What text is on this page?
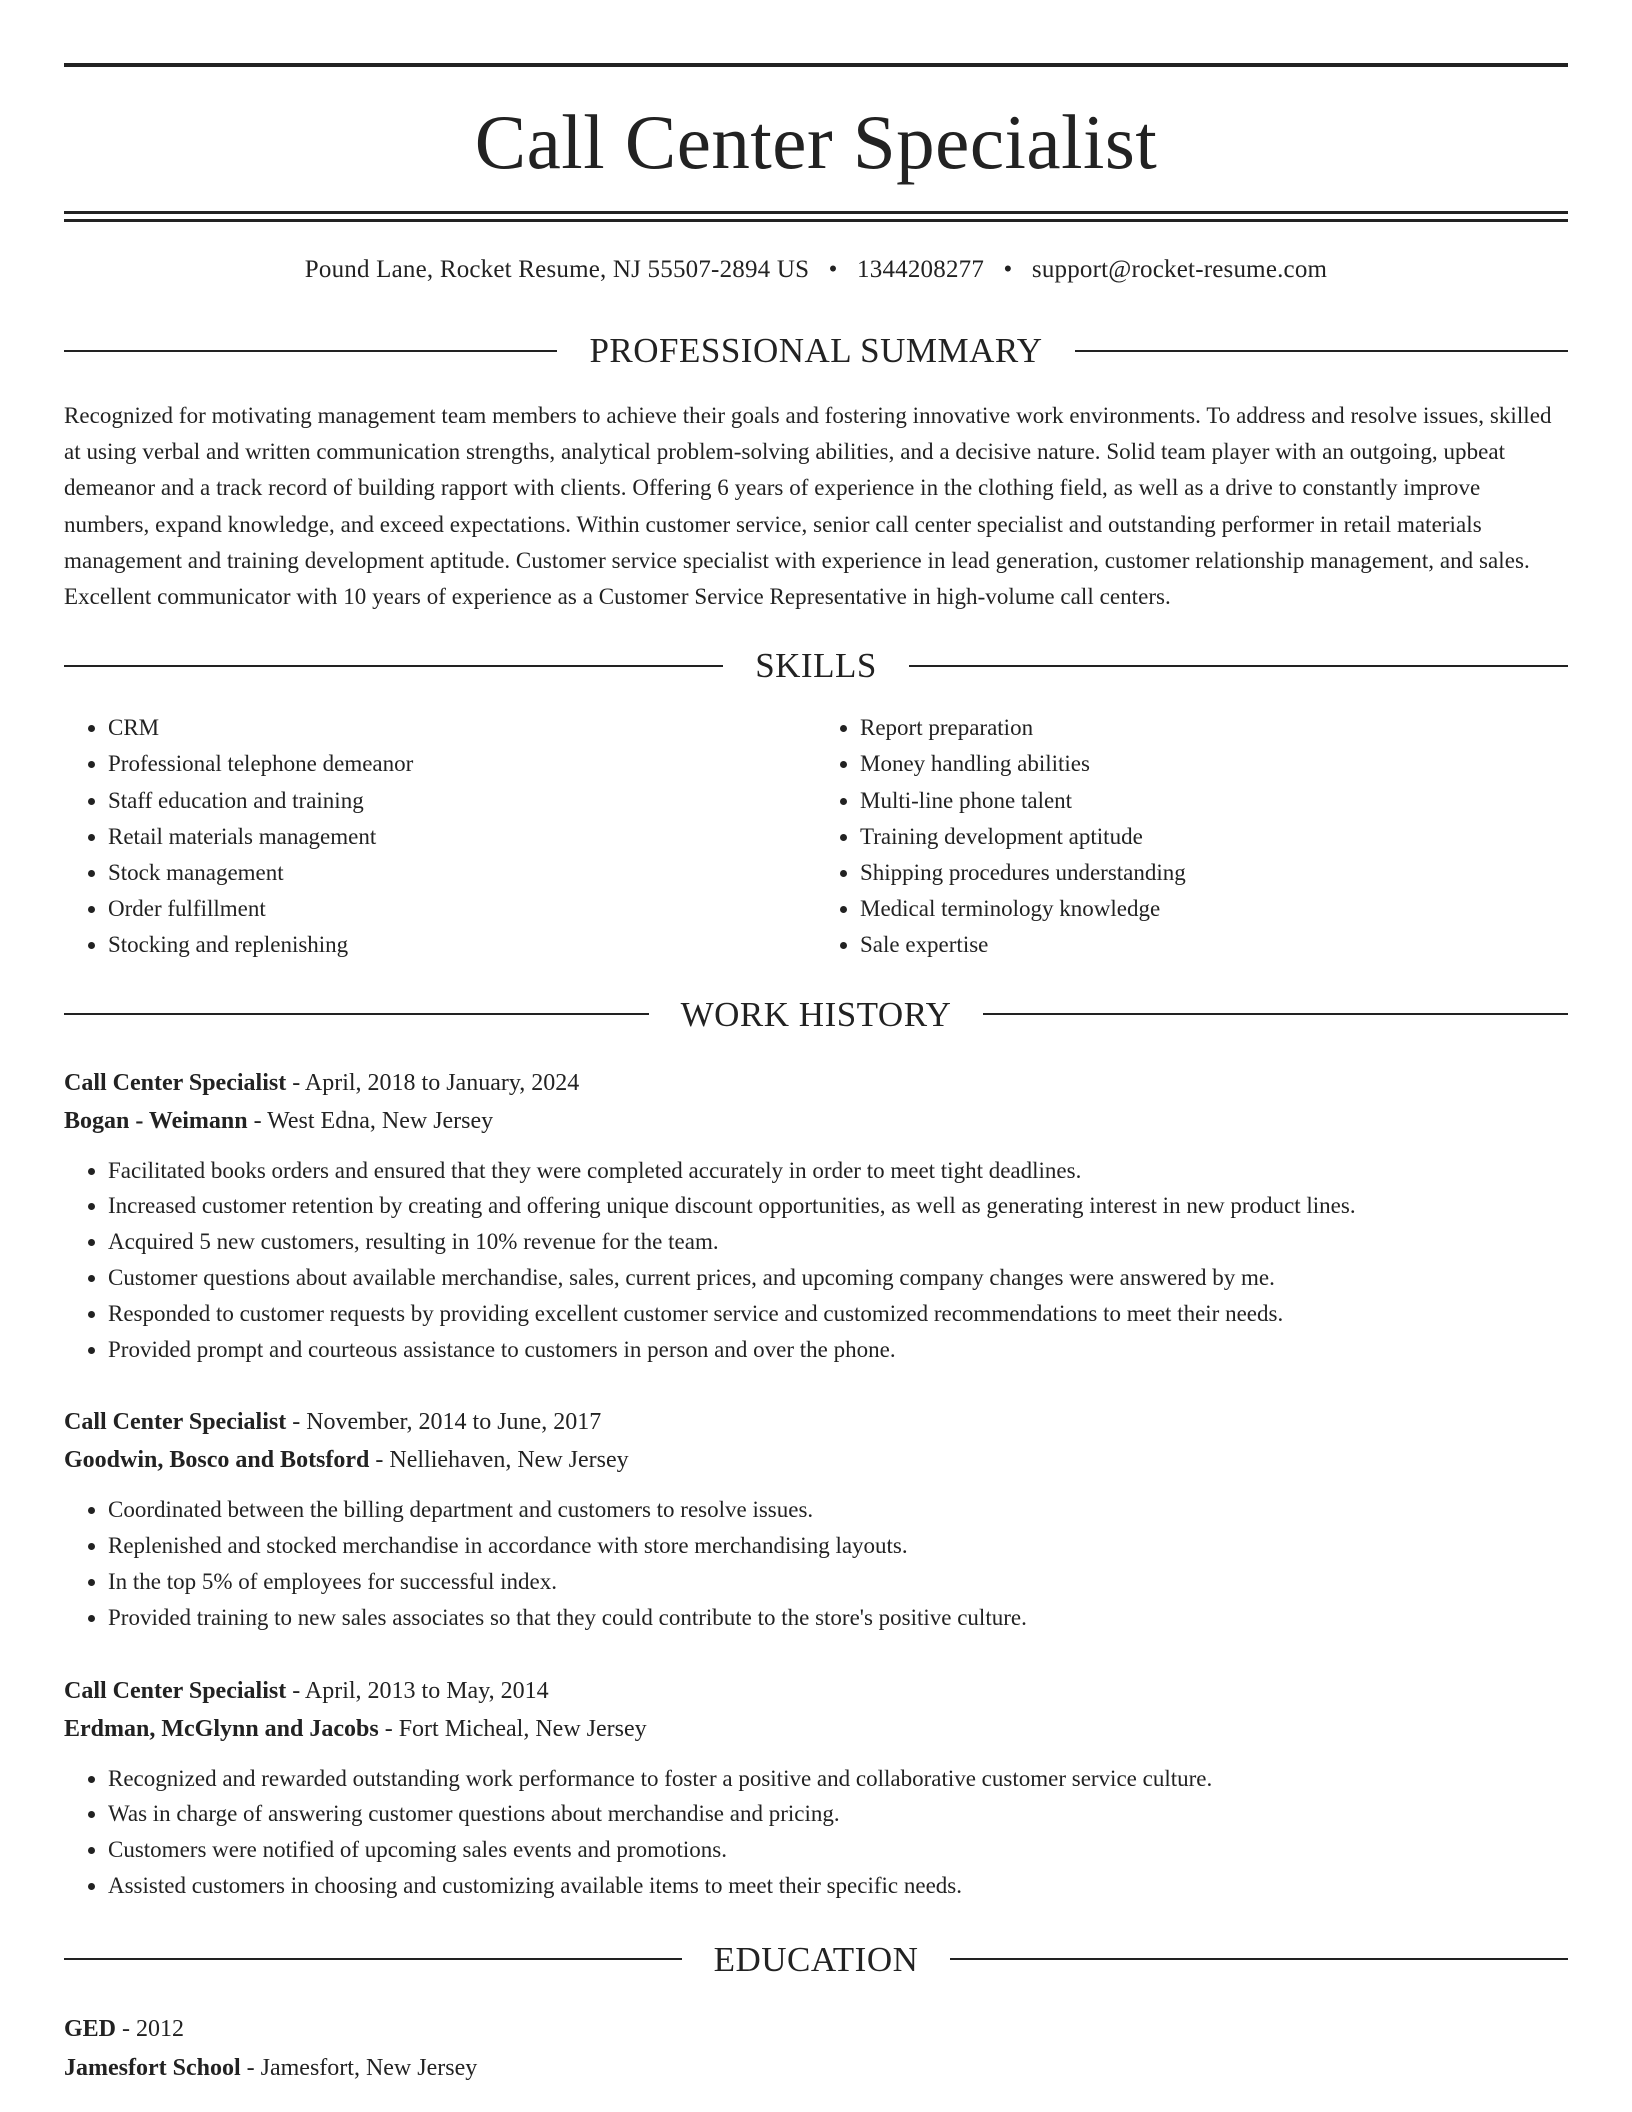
Call Center Specialist
Pound Lane, Rocket Resume, NJ 55507-2894 US • 1344208277 • support@rocket-resume.com
PROFESSIONAL SUMMARY

Recognized for motivating management team members to achieve their goals and fostering innovative work environments. To address and resolve issues, skilled at using verbal and written communication strengths, analytical problem-solving abilities, and a decisive nature. Solid team player with an outgoing, upbeat demeanor and a track record of building rapport with clients. Offering 6 years of experience in the clothing field, as well as a drive to constantly improve numbers, expand knowledge, and exceed expectations. Within customer service, senior call center specialist and outstanding performer in retail materials management and training development aptitude. Customer service specialist with experience in lead generation, customer relationship management, and sales. Excellent communicator with 10 years of experience as a Customer Service Representative in high-volume call centers.

SKILLS
• CRM
• Professional telephone demeanor
• Staff education and training
• Retail materials management
• Stock management
• Order fulfillment
• Stocking and replenishing
• Report preparation
• Money handling abilities
• Multi-line phone talent
• Training development aptitude
• Shipping procedures understanding
• Medical terminology knowledge
• Sale expertise
WORK HISTORY
Call Center Specialist - April, 2018 to January, 2024
Bogan - Weimann - West Edna, New Jersey
• Facilitated books orders and ensured that they were completed accurately in order to meet tight deadlines.
• Increased customer retention by creating and offering unique discount opportunities, as well as generating interest in new product lines.
• Acquired 5 new customers, resulting in 10% revenue for the team.
• Customer questions about available merchandise, sales, current prices, and upcoming company changes were answered by me.
• Responded to customer requests by providing excellent customer service and customized recommendations to meet their needs.
• Provided prompt and courteous assistance to customers in person and over the phone.
Call Center Specialist - November, 2014 to June, 2017
Goodwin, Bosco and Botsford - Nelliehaven, New Jersey
• Coordinated between the billing department and customers to resolve issues.
• Replenished and stocked merchandise in accordance with store merchandising layouts.
• In the top 5% of employees for successful index.
• Provided training to new sales associates so that they could contribute to the store's positive culture.
Call Center Specialist - April, 2013 to May, 2014
Erdman, McGlynn and Jacobs - Fort Micheal, New Jersey
• Recognized and rewarded outstanding work performance to foster a positive and collaborative customer service culture.
• Was in charge of answering customer questions about merchandise and pricing.
• Customers were notified of upcoming sales events and promotions.
• Assisted customers in choosing and customizing available items to meet their specific needs.
EDUCATION
GED - 2012
Jamesfort School - Jamesfort, New Jersey
